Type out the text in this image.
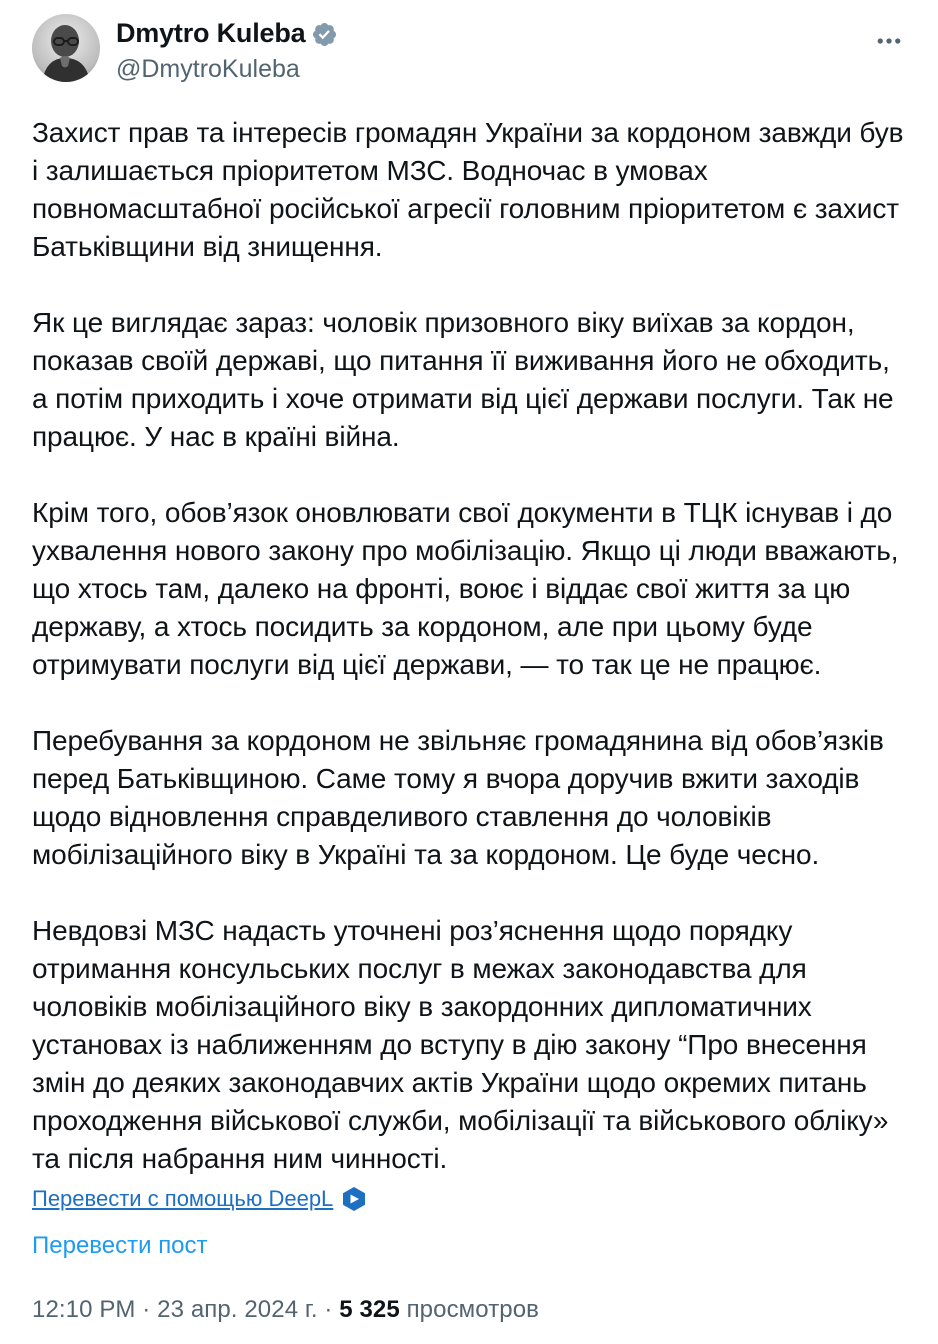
Dmytro Kuleba
@DmytroKuleba

Захист прав та інтересів громадян України за кордоном завжди був і залишається пріоритетом МЗС. Водночас в умовах повномасштабної російської агресії головним пріоритетом є захист Батьківщини від знищення.

Як це виглядає зараз: чоловік призовного віку виїхав за кордон, показав своїй державі, що питання її виживання його не обходить, а потім приходить і хоче отримати від цієї держави послуги. Так не працює. У нас в країні війна.

Крім того, обов’язок оновлювати свої документи в ТЦК існував і до ухвалення нового закону про мобілізацію. Якщо ці люди вважають, що хтось там, далеко на фронті, воює і віддає свої життя за цю державу, а хтось посидить за кордоном, але при цьому буде отримувати послуги від цієї держави, — то так це не працює.

Перебування за кордоном не звільняє громадянина від обов’язків перед Батьківщиною. Саме тому я вчора доручив вжити заходів щодо відновлення справделивого ставлення до чоловіків мобілізаційного віку в Україні та за кордоном. Це буде чесно.

Невдовзі МЗС надасть уточнені роз’яснення щодо порядку отримання консульських послуг в межах законодавства для чоловіків мобілізаційного віку в закордонних дипломатичних установах із наближенням до вступу в дію закону “Про внесення змін до деяких законодавчих актів України щодо окремих питань проходження військової служби, мобілізації та військового обліку» та після набрання ним чинності.

Перевести с помощью DeepL
Перевести пост
12:10 PM · 23 апр. 2024 г. · 5 325 просмотров
